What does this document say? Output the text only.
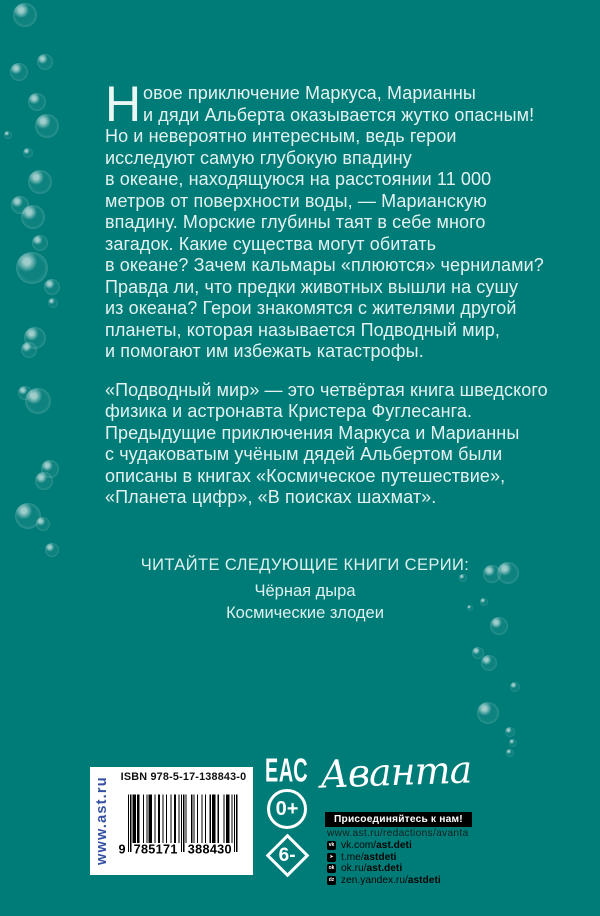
Н овое приключение Маркуса, Марианны
и дяди Альберта оказывается жутко опасным!
Но и невероятно интересным, ведь герои
исследуют самую глубокую впадину
в океане, находящуюся на расстоянии 11 000
метров от поверхности воды, — Марианскую
впадину. Морские глубины таят в себе много
загадок. Какие существа могут обитать
в океане? Зачем кальмары «плюются» чернилами?
Правда ли, что предки животных вышли на сушу
из океана? Герои знакомятся с жителями другой
планеты, которая называется Подводный мир,
и помогают им избежать катастрофы.
«Подводный мир» — это четвёртая книга шведского
физика и астронавта Кристера Фуглесанга.
Предыдущие приключения Маркуса и Марианны
с чудаковатым учёным дядей Альбертом были
описаны в книгах «Космическое путешествие»,
«Планета цифр», «В поисках шахмат».
ЧИТАЙТЕ СЛЕДУЮЩИЕ КНИГИ СЕРИИ:
Чёрная дыра
Космические злодеи
www.ast.ru ISBN 978-5-17-138843-0
9 785171 388430
ЕАС
0+
6-
Аванта
Присоединяйтесь к нам!
www.ast.ru/redactions/avanta
vk vk.com/ast.deti
➤ t.me/astdeti
ok ok.ru/ast.deti
dz zen.yandex.ru/astdeti
